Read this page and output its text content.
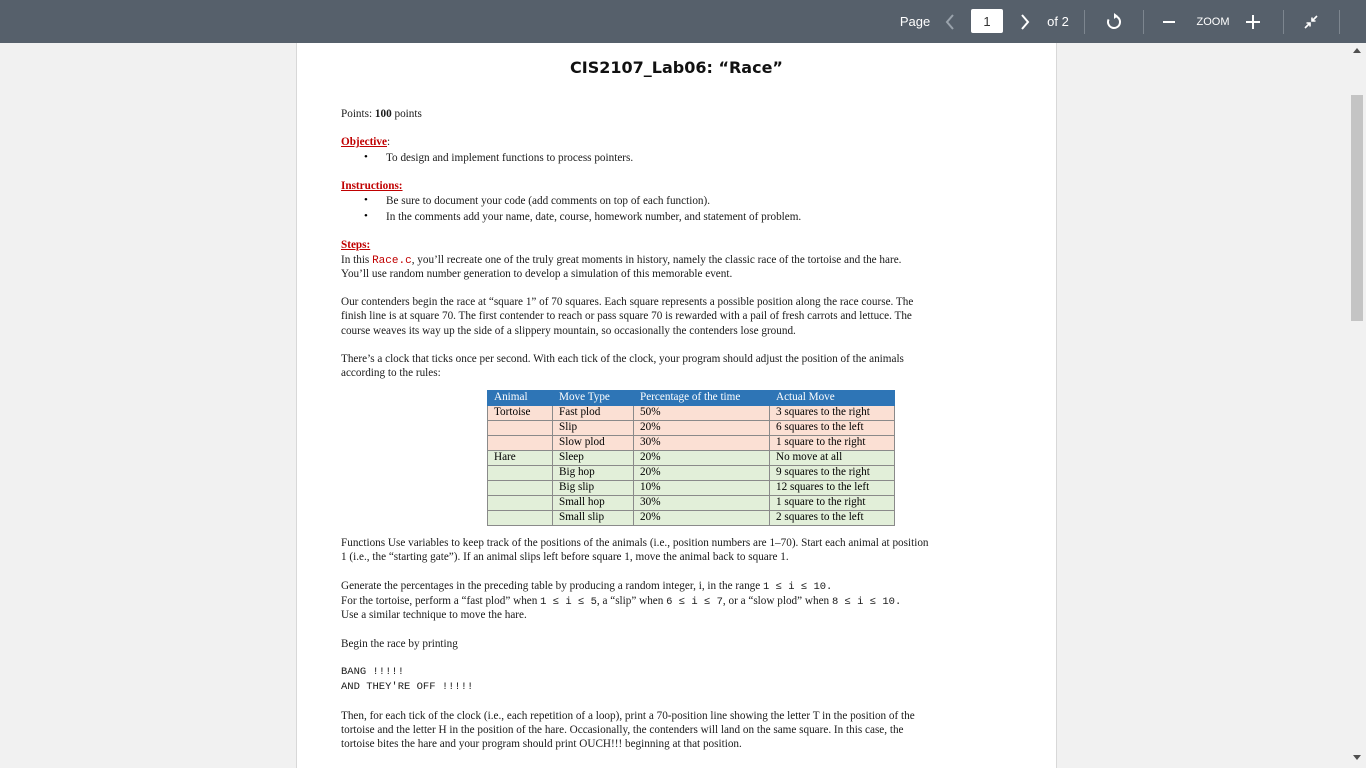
Page	1	of 2	ZOOM
CIS2107_Lab06: “Race”
Points: 100 points
Objective:
• To design and implement functions to process pointers.
Instructions:
• Be sure to document your code (add comments on top of each function).
• In the comments add your name, date, course, homework number, and statement of problem.
Steps:
In this Race.c, you’ll recreate one of the truly great moments in history, namely the classic race of the tortoise and the hare.
You’ll use random number generation to develop a simulation of this memorable event.
Our contenders begin the race at “square 1” of 70 squares. Each square represents a possible position along the race course. The
finish line is at square 70. The first contender to reach or pass square 70 is rewarded with a pail of fresh carrots and lettuce. The
course weaves its way up the side of a slippery mountain, so occasionally the contenders lose ground.
There’s a clock that ticks once per second. With each tick of the clock, your program should adjust the position of the animals
according to the rules:
Animal	Move Type	Percentage of the time	Actual Move
Tortoise	Fast plod	50%	3 squares to the right
	Slip	20%	6 squares to the left
	Slow plod	30%	1 square to the right
Hare	Sleep	20%	No move at all
	Big hop	20%	9 squares to the right
	Big slip	10%	12 squares to the left
	Small hop	30%	1 square to the right
	Small slip	20%	2 squares to the left
Functions Use variables to keep track of the positions of the animals (i.e., position numbers are 1–70). Start each animal at position
1 (i.e., the “starting gate”). If an animal slips left before square 1, move the animal back to square 1.
Generate the percentages in the preceding table by producing a random integer, i, in the range 1 ≤ i ≤ 10.
For the tortoise, perform a “fast plod” when 1 ≤ i ≤ 5, a “slip” when 6 ≤ i ≤ 7, or a “slow plod” when 8 ≤ i ≤ 10.
Use a similar technique to move the hare.
Begin the race by printing
BANG !!!!!
AND THEY'RE OFF !!!!!
Then, for each tick of the clock (i.e., each repetition of a loop), print a 70-position line showing the letter T in the position of the
tortoise and the letter H in the position of the hare. Occasionally, the contenders will land on the same square. In this case, the
tortoise bites the hare and your program should print OUCH!!! beginning at that position.
